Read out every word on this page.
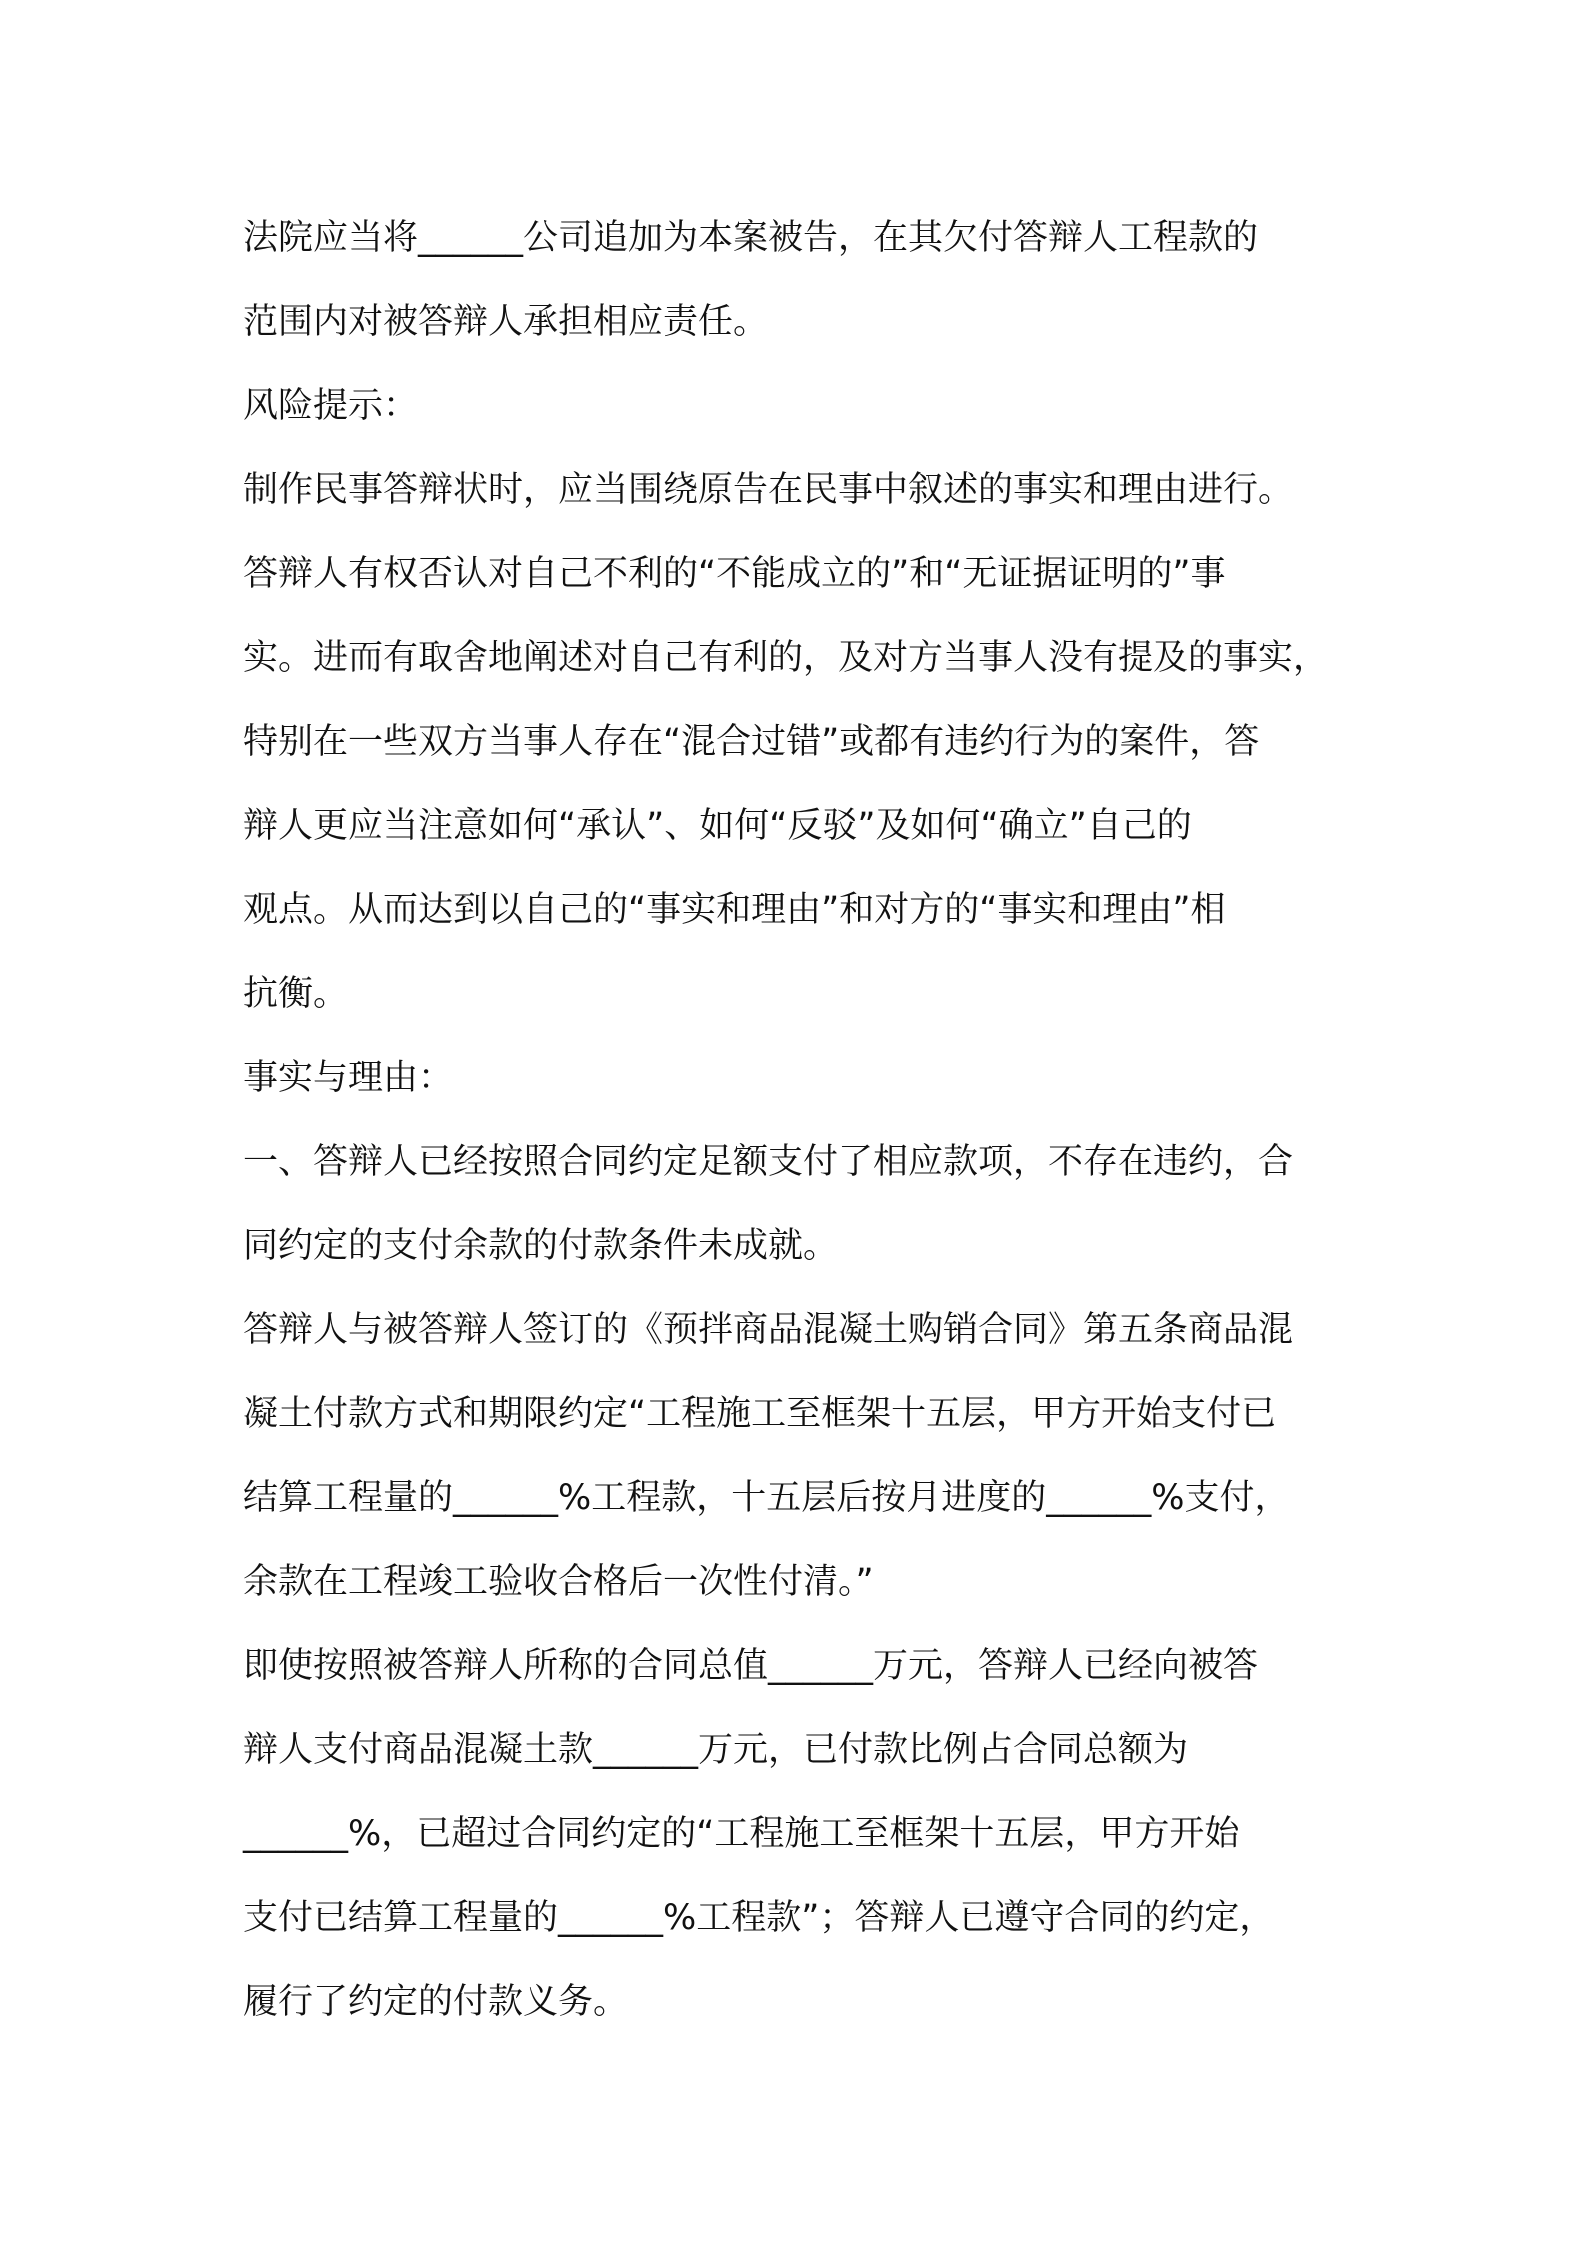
法院应当将______公司追加为本案被告，在其欠付答辩人工程款的
范围内对被答辩人承担相应责任。
风险提示：
制作民事答辩状时，应当围绕原告在民事中叙述的事实和理由进行。
答辩人有权否认对自己不利的“不能成立的”和“无证据证明的”事
实。进而有取舍地阐述对自己有利的，及对方当事人没有提及的事实，
特别在一些双方当事人存在“混合过错”或都有违约行为的案件，答
辩人更应当注意如何“承认”、如何“反驳”及如何“确立”自己的
观点。从而达到以自己的“事实和理由”和对方的“事实和理由”相
抗衡。
事实与理由：
一、答辩人已经按照合同约定足额支付了相应款项，不存在违约，合
同约定的支付余款的付款条件未成就。
答辩人与被答辩人签订的《预拌商品混凝土购销合同》第五条商品混
凝土付款方式和期限约定“工程施工至框架十五层，甲方开始支付已
结算工程量的______%工程款，十五层后按月进度的______%支付，
余款在工程竣工验收合格后一次性付清。”
即使按照被答辩人所称的合同总值______万元，答辩人已经向被答
辩人支付商品混凝土款______万元，已付款比例占合同总额为
______%，已超过合同约定的“工程施工至框架十五层，甲方开始
支付已结算工程量的______%工程款”；答辩人已遵守合同的约定，
履行了约定的付款义务。
